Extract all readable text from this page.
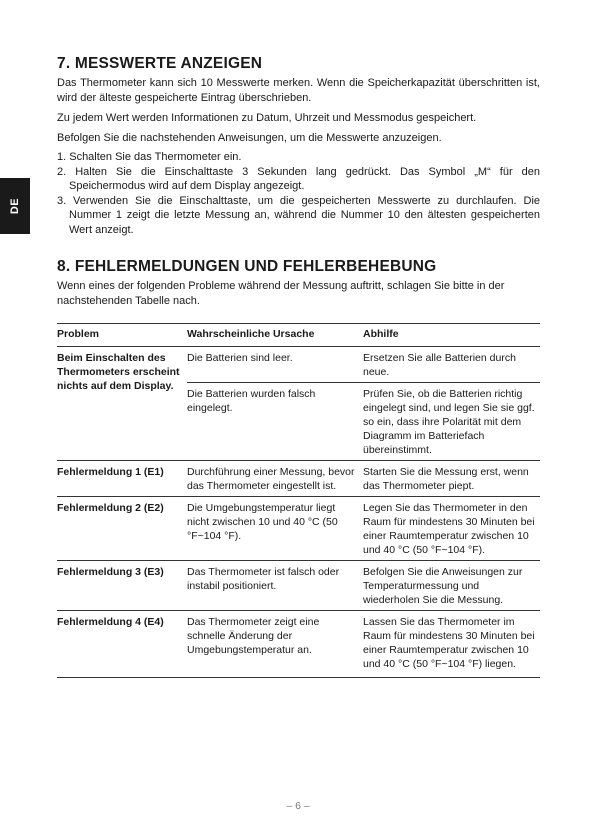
DE
7. MESSWERTE ANZEIGEN

Das Thermometer kann sich 10 Messwerte merken. Wenn die Speicherkapazität überschritten ist, wird der älteste gespeicherte Eintrag überschrieben.

Zu jedem Wert werden Informationen zu Datum, Uhrzeit und Messmodus gespeichert.

Befolgen Sie die nachstehenden Anweisungen, um die Messwerte anzuzeigen.

1. Schalten Sie das Thermometer ein.
2. Halten Sie die Einschalttaste 3 Sekunden lang gedrückt. Das Symbol „M“ für den Speichermodus wird auf dem Display angezeigt.
3. Verwenden Sie die Einschalttaste, um die gespeicherten Messwerte zu durchlaufen. Die Nummer 1 zeigt die letzte Messung an, während die Nummer 10 den ältesten gespeicherten Wert anzeigt.
8. FEHLERMELDUNGEN UND FEHLERBEHEBUNG

Wenn eines der folgenden Probleme während der Messung auftritt, schlagen Sie bitte in der nachstehenden Tabelle nach.

Problem	Wahrscheinliche Ursache	Abhilfe
Beim Einschalten des Thermometers erscheint nichts auf dem Display.	Die Batterien sind leer.	Ersetzen Sie alle Batterien durch neue.
	Die Batterien wurden falsch eingelegt.	Prüfen Sie, ob die Batterien richtig eingelegt sind, und legen Sie sie ggf. so ein, dass ihre Polarität mit dem Diagramm im Batteriefach übereinstimmt.
Fehlermeldung 1 (E1)	Durchführung einer Messung, bevor das Thermometer eingestellt ist.	Starten Sie die Messung erst, wenn das Thermometer piept.
Fehlermeldung 2 (E2)	Die Umgebungstemperatur liegt nicht zwischen 10 und 40 °C (50 °F~104 °F).	Legen Sie das Thermometer in den Raum für mindestens 30 Minuten bei einer Raumtemperatur zwischen 10 und 40 °C (50 °F~104 °F).
Fehlermeldung 3 (E3)	Das Thermometer ist falsch oder instabil positioniert.	Befolgen Sie die Anweisungen zur Temperaturmessung und wiederholen Sie die Messung.
Fehlermeldung 4 (E4)	Das Thermometer zeigt eine schnelle Änderung der Umgebungstemperatur an.	Lassen Sie das Thermometer im Raum für mindestens 30 Minuten bei einer Raumtemperatur zwischen 10 und 40 °C (50 °F~104 °F) liegen.
– 6 –
